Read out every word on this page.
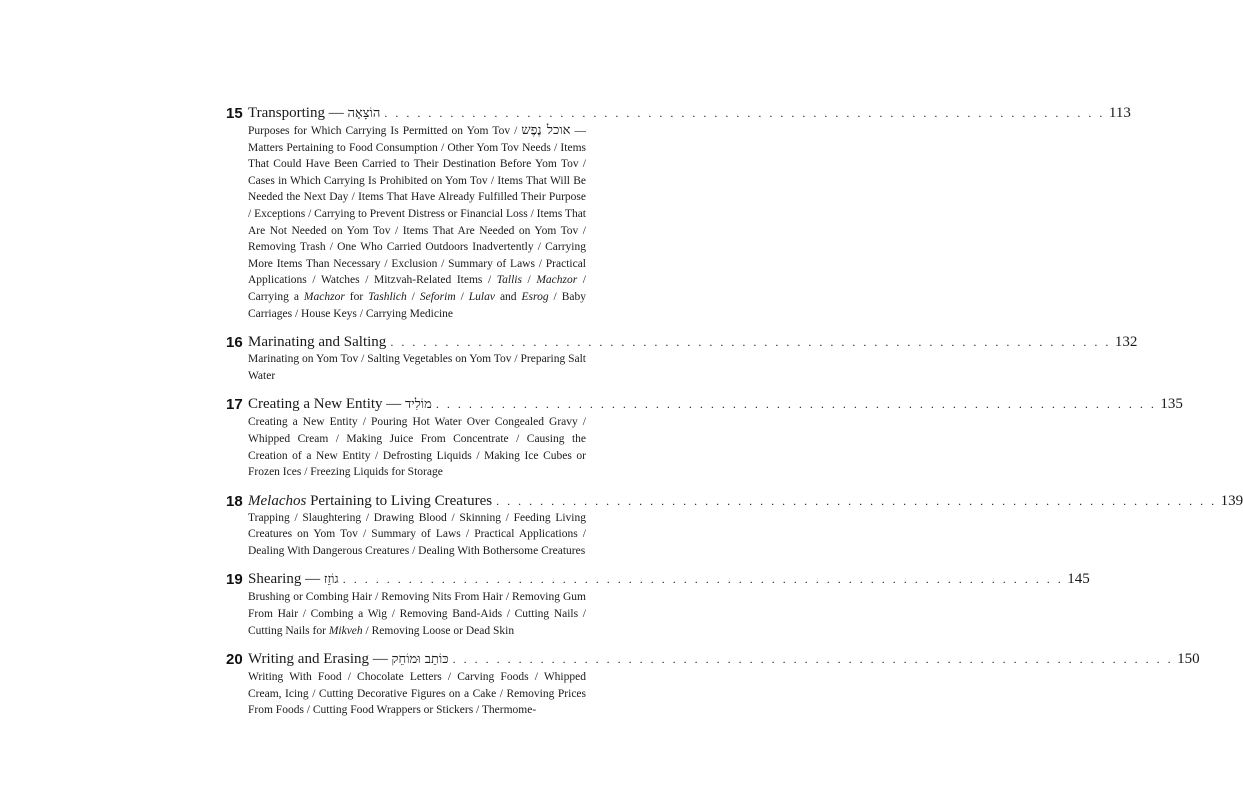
15 Transporting — הוֹצָאָה . . . . . . . . . . . . . . . . . . . . . . . . . . . . . . . . . . . . . . . . . . . . . . . . . . . . . . . . . . . . . . . . . . 113
Purposes for Which Carrying Is Permitted on Yom Tov / אוכל נֶפֶש — Matters Pertaining to Food Consumption / Other Yom Tov Needs / Items That Could Have Been Carried to Their Destination Before Yom Tov / Cases in Which Carrying Is Prohibited on Yom Tov / Items That Will Be Needed the Next Day / Items That Have Already Fulfilled Their Purpose / Exceptions / Carrying to Prevent Distress or Financial Loss / Items That Are Not Needed on Yom Tov / Items That Are Needed on Yom Tov / Removing Trash / One Who Carried Outdoors Inadvertently / Carrying More Items Than Necessary / Exclusion / Summary of Laws / Practical Applications / Watches / Mitzvah-Related Items / Tallis / Machzor / Carrying a Machzor for Tashlich / Seforim / Lulav and Esrog / Baby Carriages / House Keys / Carrying Medicine
16 Marinating and Salting . . . . . . . . . . . . . . . . . . . . . . . . . . . . . . . . . . . . . . . . . . . . . . . . . . . . . . . . . . . . . . . . . . 132
Marinating on Yom Tov / Salting Vegetables on Yom Tov / Preparing Salt Water
17 Creating a New Entity — מוֹלִיד . . . . . . . . . . . . . . . . . . . . . . . . . . . . . . . . . . . . . . . . . . . . . . . . . . . . . . . . . . . . . . . . . . 135
Creating a New Entity / Pouring Hot Water Over Congealed Gravy / Whipped Cream / Making Juice From Concentrate / Causing the Creation of a New Entity / Defrosting Liquids / Making Ice Cubes or Frozen Ices / Freezing Liquids for Storage
18 Melachos Pertaining to Living Creatures . . . . . . . . . . . . . . . . . . . . . . . . . . . . . . . . . . . . . . . . . . . . . . . . . . . . . . . . . . . . . . . . . . 139
Trapping / Slaughtering / Drawing Blood / Skinning / Feeding Living Creatures on Yom Tov / Summary of Laws / Practical Applications / Dealing With Dangerous Creatures / Dealing With Bothersome Creatures
19 Shearing — גוֹזֵז . . . . . . . . . . . . . . . . . . . . . . . . . . . . . . . . . . . . . . . . . . . . . . . . . . . . . . . . . . . . . . . . . . 145
Brushing or Combing Hair / Removing Nits From Hair / Removing Gum From Hair / Combing a Wig / Removing Band-Aids / Cutting Nails / Cutting Nails for Mikveh / Removing Loose or Dead Skin
20 Writing and Erasing — כּוֹתֵב וּמוֹחֵק . . . . . . . . . . . . . . . . . . . . . . . . . . . . . . . . . . . . . . . . . . . . . . . . . . . . . . . . . . . . . . . . . . 150
Writing With Food / Chocolate Letters / Carving Foods / Whipped Cream, Icing / Cutting Decorative Figures on a Cake / Removing Prices From Foods / Cutting Food Wrappers or Stickers / Thermome-
